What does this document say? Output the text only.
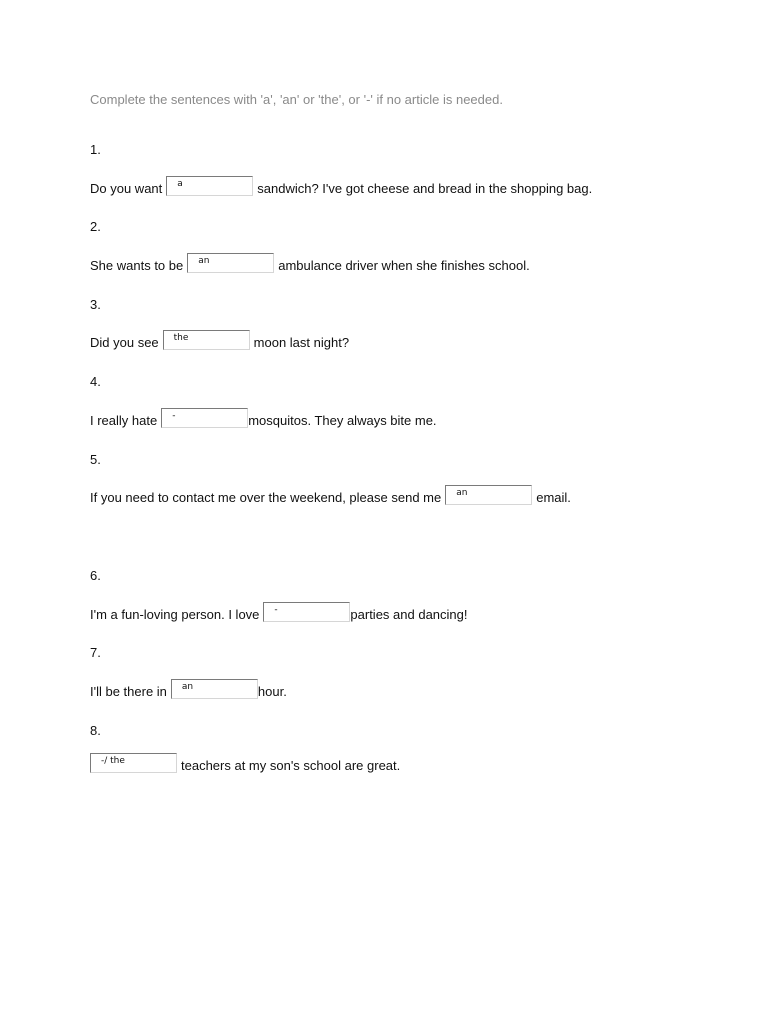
Complete the sentences with 'a', 'an' or 'the', or '-' if no article is needed.
1.
Do you want a	sandwich? I've got cheese and bread in the shopping bag.
2.
She wants to be an	ambulance driver when she finishes school.
3.
Did you see the	moon last night?
4.
I really hate -	mosquitos. They always bite me.
5.
If you need to contact me over the weekend, please send me an	email.
6.
I'm a fun-loving person. I love -	parties and dancing!
7.
I'll be there in an	hour.
8.
-/ the	teachers at my son's school are great.
